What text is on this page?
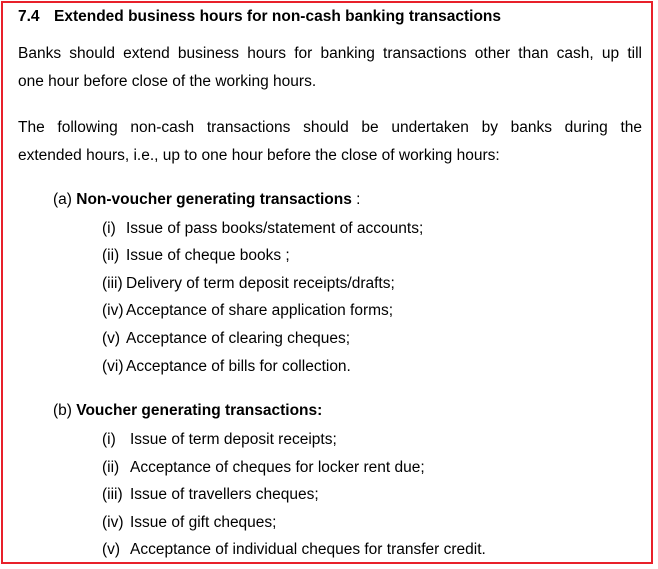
7.4 Extended business hours for non-cash banking transactions
Banks should extend business hours for banking transactions other than cash, up till
one hour before close of the working hours.
The following non-cash transactions should be undertaken by banks during the
extended hours, i.e., up to one hour before the close of working hours:
(a) Non-voucher generating transactions :
(i) Issue of pass books/statement of accounts;
(ii) Issue of cheque books ;
(iii) Delivery of term deposit receipts/drafts;
(iv) Acceptance of share application forms;
(v) Acceptance of clearing cheques;
(vi) Acceptance of bills for collection.
(b) Voucher generating transactions:
(i) Issue of term deposit receipts;
(ii) Acceptance of cheques for locker rent due;
(iii) Issue of travellers cheques;
(iv) Issue of gift cheques;
(v) Acceptance of individual cheques for transfer credit.
